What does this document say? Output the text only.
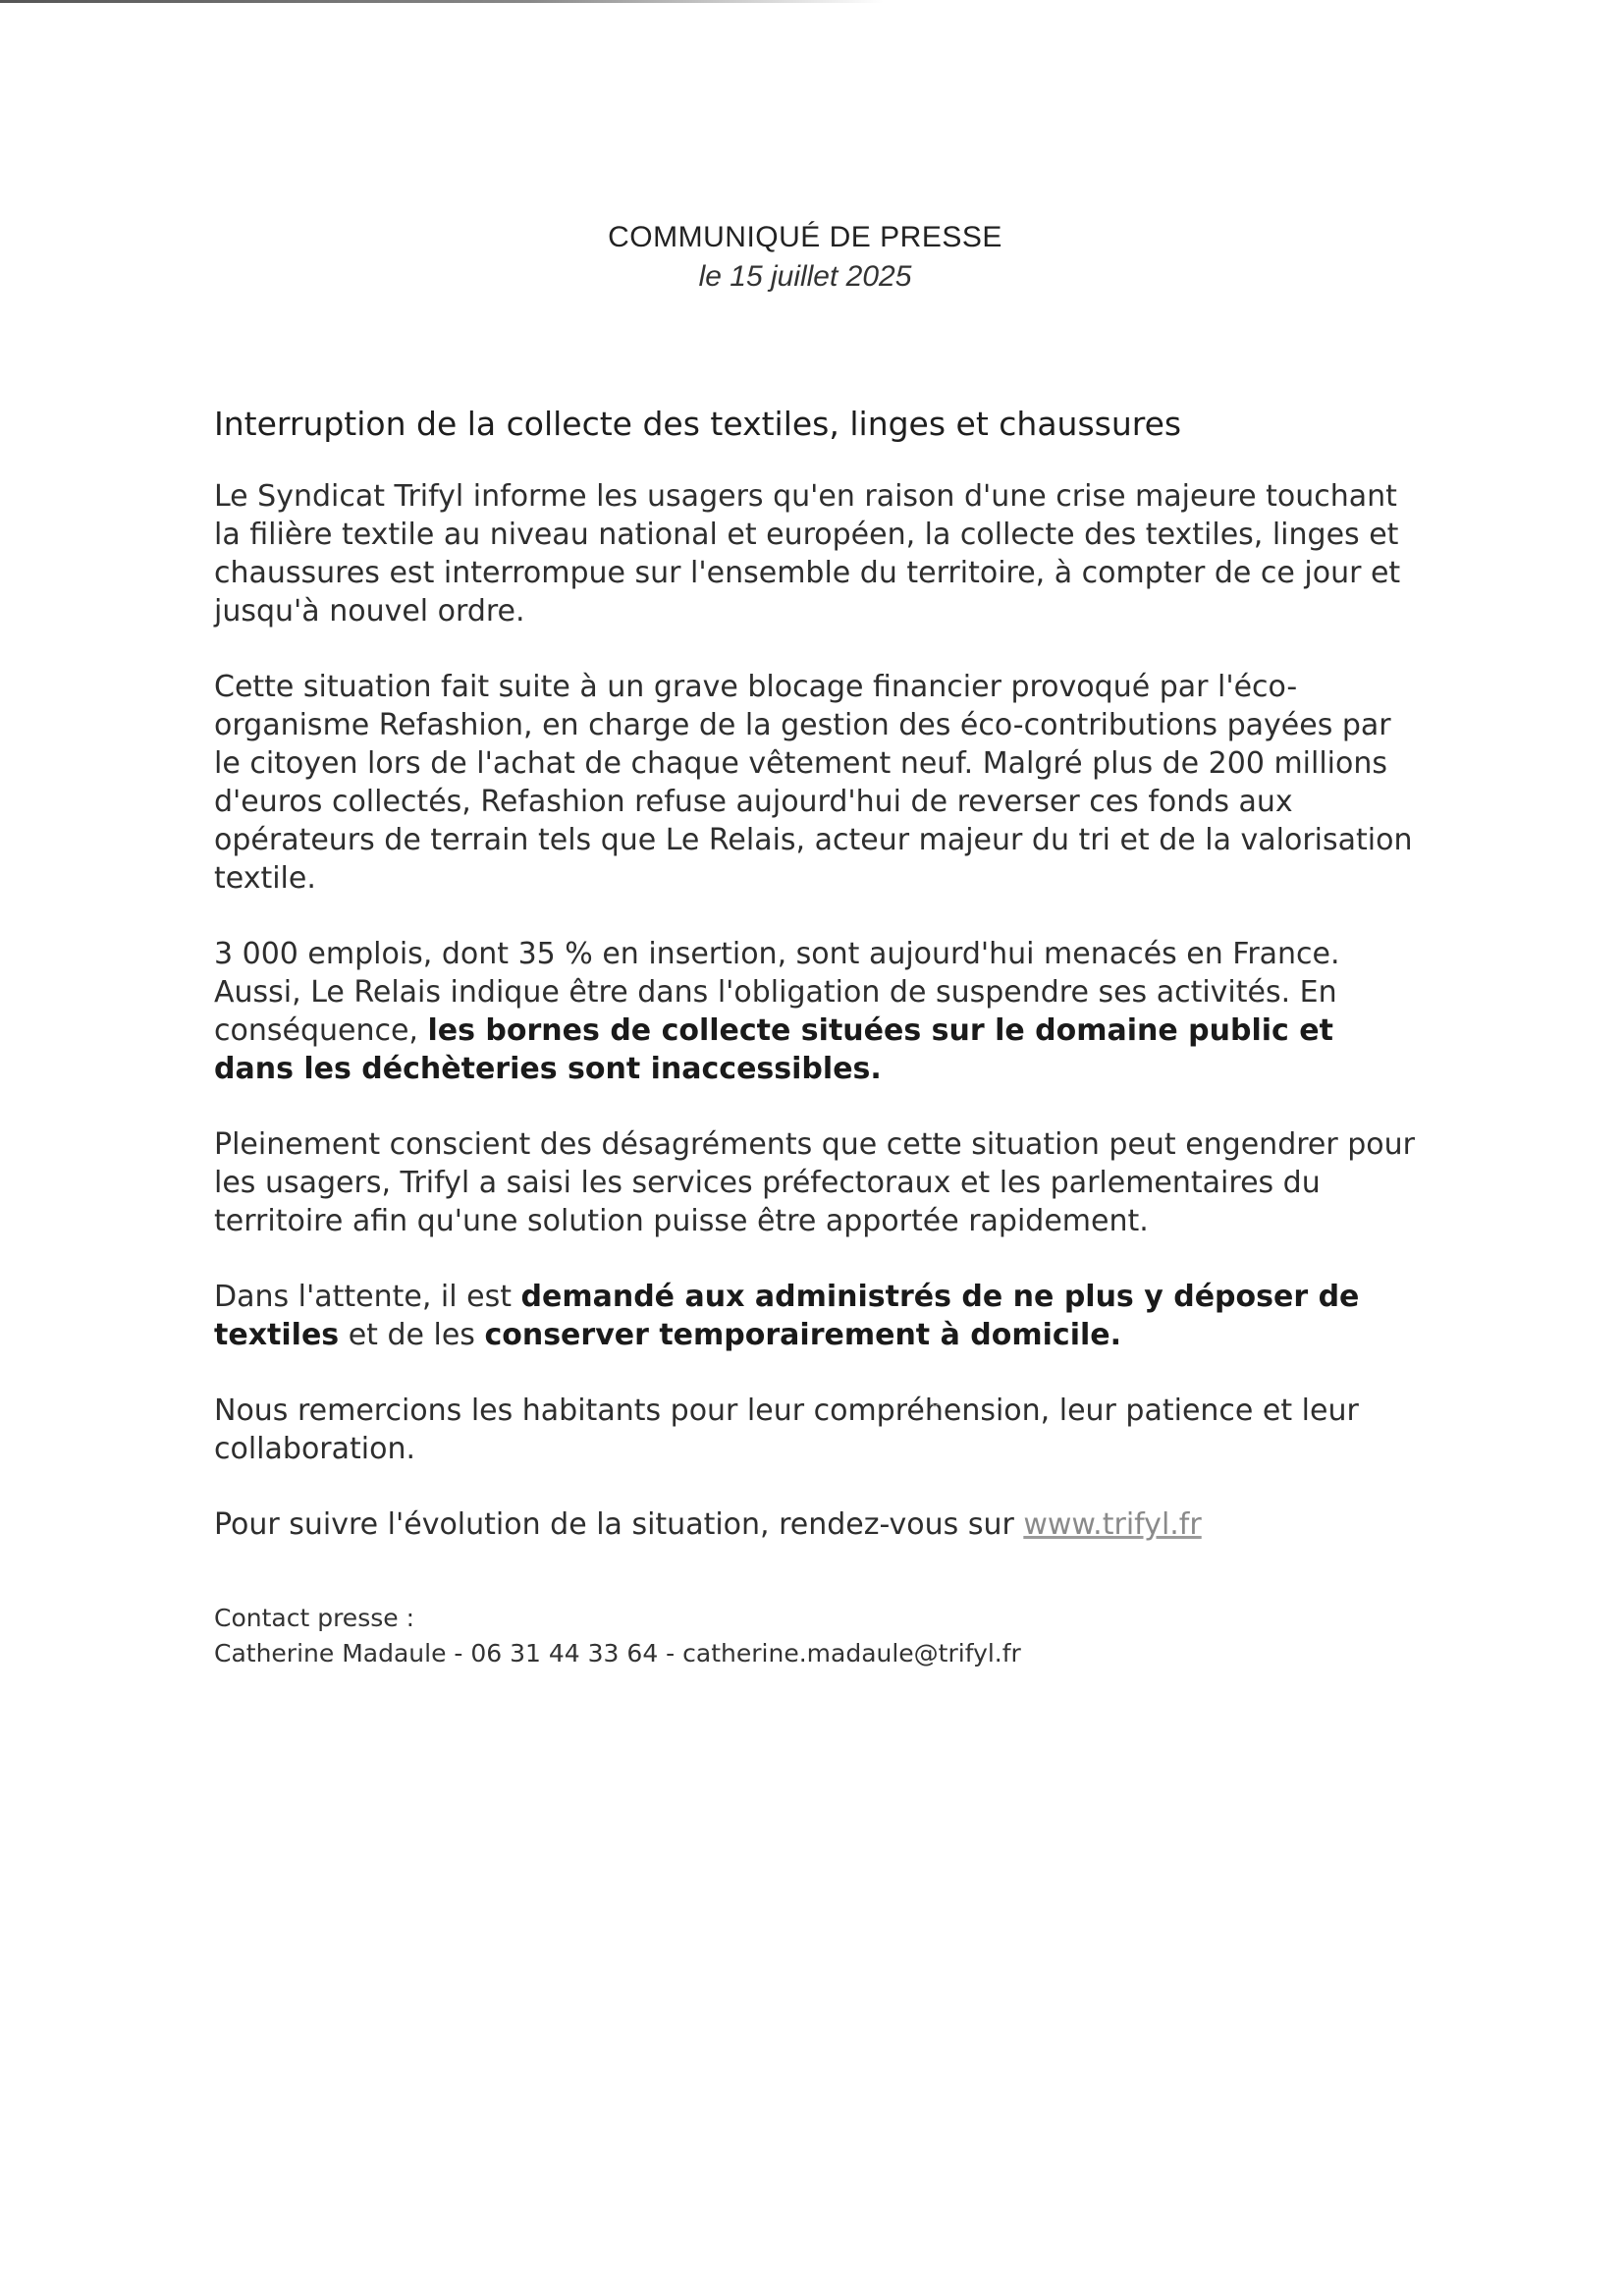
COMMUNIQUÉ DE PRESSE
le 15 juillet 2025
Interruption de la collecte des textiles, linges et chaussures

Le Syndicat Trifyl informe les usagers qu'en raison d'une crise majeure touchant la filière textile au niveau national et européen, la collecte des textiles, linges et chaussures est interrompue sur l'ensemble du territoire, à compter de ce jour et jusqu'à nouvel ordre.

Cette situation fait suite à un grave blocage financier provoqué par l'éco-organisme Refashion, en charge de la gestion des éco-contributions payées par le citoyen lors de l'achat de chaque vêtement neuf. Malgré plus de 200 millions d'euros collectés, Refashion refuse aujourd'hui de reverser ces fonds aux opérateurs de terrain tels que Le Relais, acteur majeur du tri et de la valorisation textile.

3 000 emplois, dont 35 % en insertion, sont aujourd'hui menacés en France. Aussi, Le Relais indique être dans l'obligation de suspendre ses activités. En conséquence, les bornes de collecte situées sur le domaine public et dans les déchèteries sont inaccessibles.

Pleinement conscient des désagréments que cette situation peut engendrer pour les usagers, Trifyl a saisi les services préfectoraux et les parlementaires du territoire afin qu'une solution puisse être apportée rapidement.

Dans l'attente, il est demandé aux administrés de ne plus y déposer de textiles et de les conserver temporairement à domicile.

Nous remercions les habitants pour leur compréhension, leur patience et leur collaboration.

Pour suivre l'évolution de la situation, rendez-vous sur www.trifyl.fr

Contact presse :
Catherine Madaule - 06 31 44 33 64 - catherine.madaule@trifyl.fr
